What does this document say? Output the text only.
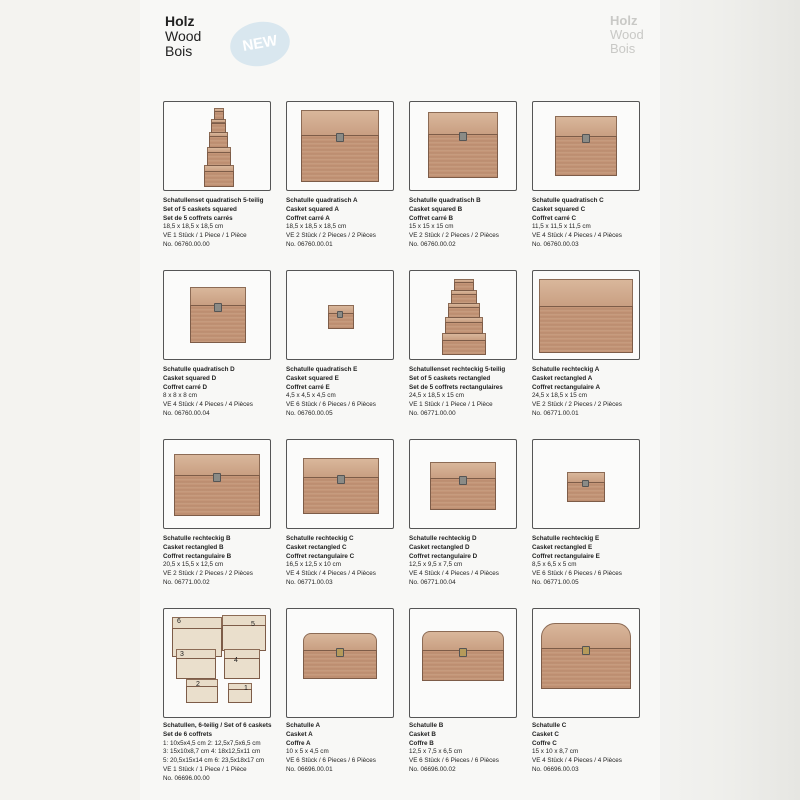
Holz
Wood
Bois
Holz
Wood
Bois	NEW
Schatullenset quadratisch 5-teilig
Set of 5 caskets squared
Set de 5 coffrets carrés
18,5 x 18,5 x 18,5 cm
VE 1 Stück / 1 Piece / 1 Pièce
No. 06760.00.00
Schatulle quadratisch A
Casket squared A
Coffret carré A
18,5 x 18,5 x 18,5 cm
VE 2 Stück / 2 Pieces / 2 Pièces
No. 06760.00.01
Schatulle quadratisch B
Casket squared B
Coffret carré B
15 x 15 x 15 cm
VE 2 Stück / 2 Pieces / 2 Pièces
No. 06760.00.02
Schatulle quadratisch C
Casket squared C
Coffret carré C
11,5 x 11,5 x 11,5 cm
VE 4 Stück / 4 Pieces / 4 Pièces
No. 06760.00.03
Schatulle quadratisch D
Casket squared D
Coffret carré D
8 x 8 x 8 cm
VE 4 Stück / 4 Pieces / 4 Pièces
No. 06760.00.04
Schatulle quadratisch E
Casket squared E
Coffret carré E
4,5 x 4,5 x 4,5 cm
VE 6 Stück / 6 Pieces / 6 Pièces
No. 06760.00.05
Schatullenset rechteckig 5-teilig
Set of 5 caskets rectangled
Set de 5 coffrets rectangulaires
24,5 x 18,5 x 15 cm
VE 1 Stück / 1 Piece / 1 Pièce
No. 06771.00.00
Schatulle rechteckig A
Casket rectangled A
Coffret rectangulaire A
24,5 x 18,5 x 15 cm
VE 2 Stück / 2 Pieces / 2 Pièces
No. 06771.00.01
Schatulle rechteckig B
Casket rectangled B
Coffret rectangulaire B
20,5 x 15,5 x 12,5 cm
VE 2 Stück / 2 Pieces / 2 Pièces
No. 06771.00.02
Schatulle rechteckig C
Casket rectangled C
Coffret rectangulaire C
16,5 x 12,5 x 10 cm
VE 4 Stück / 4 Pieces / 4 Pièces
No. 06771.00.03
Schatulle rechteckig D
Casket rectangled D
Coffret rectangulaire D
12,5 x 9,5 x 7,5 cm
VE 4 Stück / 4 Pieces / 4 Pièces
No. 06771.00.04
Schatulle rechteckig E
Casket rectangled E
Coffret rectangulaire E
8,5 x 6,5 x 5 cm
VE 6 Stück / 6 Pieces / 6 Pièces
No. 06771.00.05
6	5
4
3
2
1
Schatullen, 6-teilig / Set of 6 caskets
Set de 6 coffrets
1: 10x5x4,5 cm 2: 12,5x7,5x6,5 cm
3: 15x10x8,7 cm 4: 18x12,5x11 cm
5: 20,5x15x14 cm 6: 23,5x18x17 cm
VE 1 Stück / 1 Piece / 1 Pièce
No. 06696.00.00
Schatulle A
Casket A
Coffre A
10 x 5 x 4,5 cm
VE 6 Stück / 6 Pieces / 6 Pièces
No. 06696.00.01
Schatulle B
Casket B
Coffre B
12,5 x 7,5 x 6,5 cm
VE 6 Stück / 6 Pieces / 6 Pièces
No. 06696.00.02
Schatulle C
Casket C
Coffre C
15 x 10 x 8,7 cm
VE 4 Stück / 4 Pieces / 4 Pièces
No. 06696.00.03
